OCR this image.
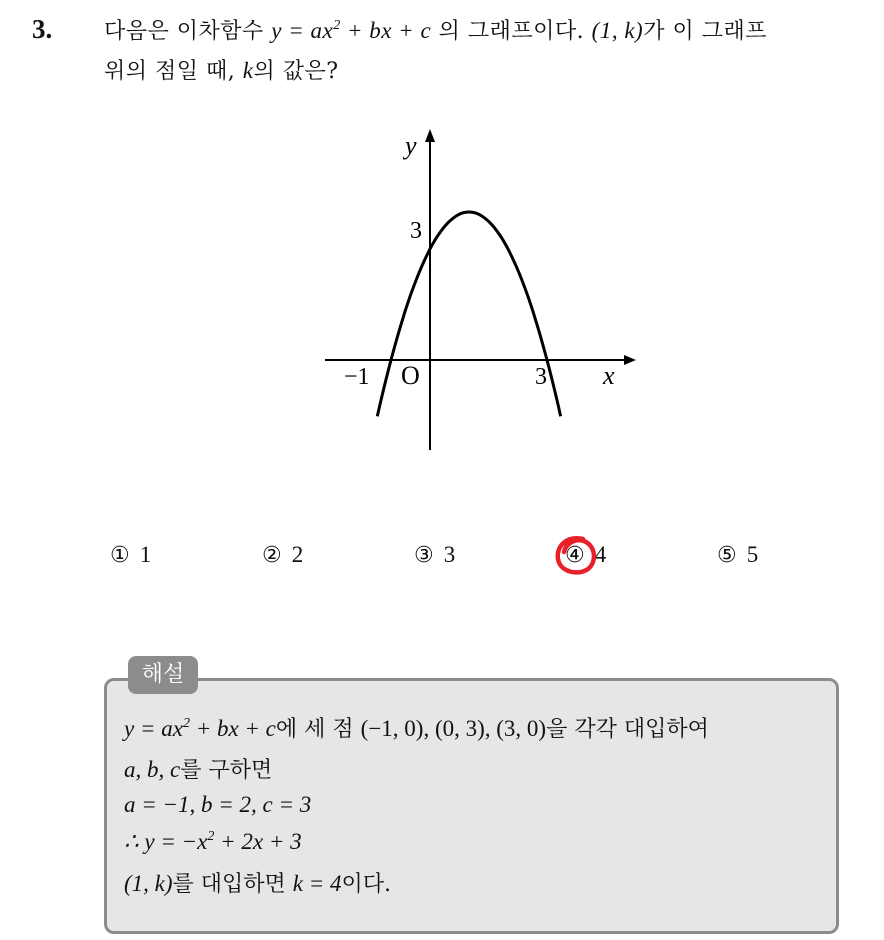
3. 다음은 이차함수 $y = ax^2$ + bx + c 의 그래프이다. (1, k)가 이 그래프
위의 점일 때, k의 값은?
y
x
O
3
−1	3
① 1	② 2	③ 3	④ 4	⑤ 5
해설
$y = ax^2$ + bx + c에 세 점 (−1, 0), (0, 3), (3, 0)을 각각 대입하여
a, b, c를 구하면
a = −1, b = 2, c = 3
∴ $y = -x^2 + 2x + 3$
(1, k)를 대입하면 k = 4이다.
